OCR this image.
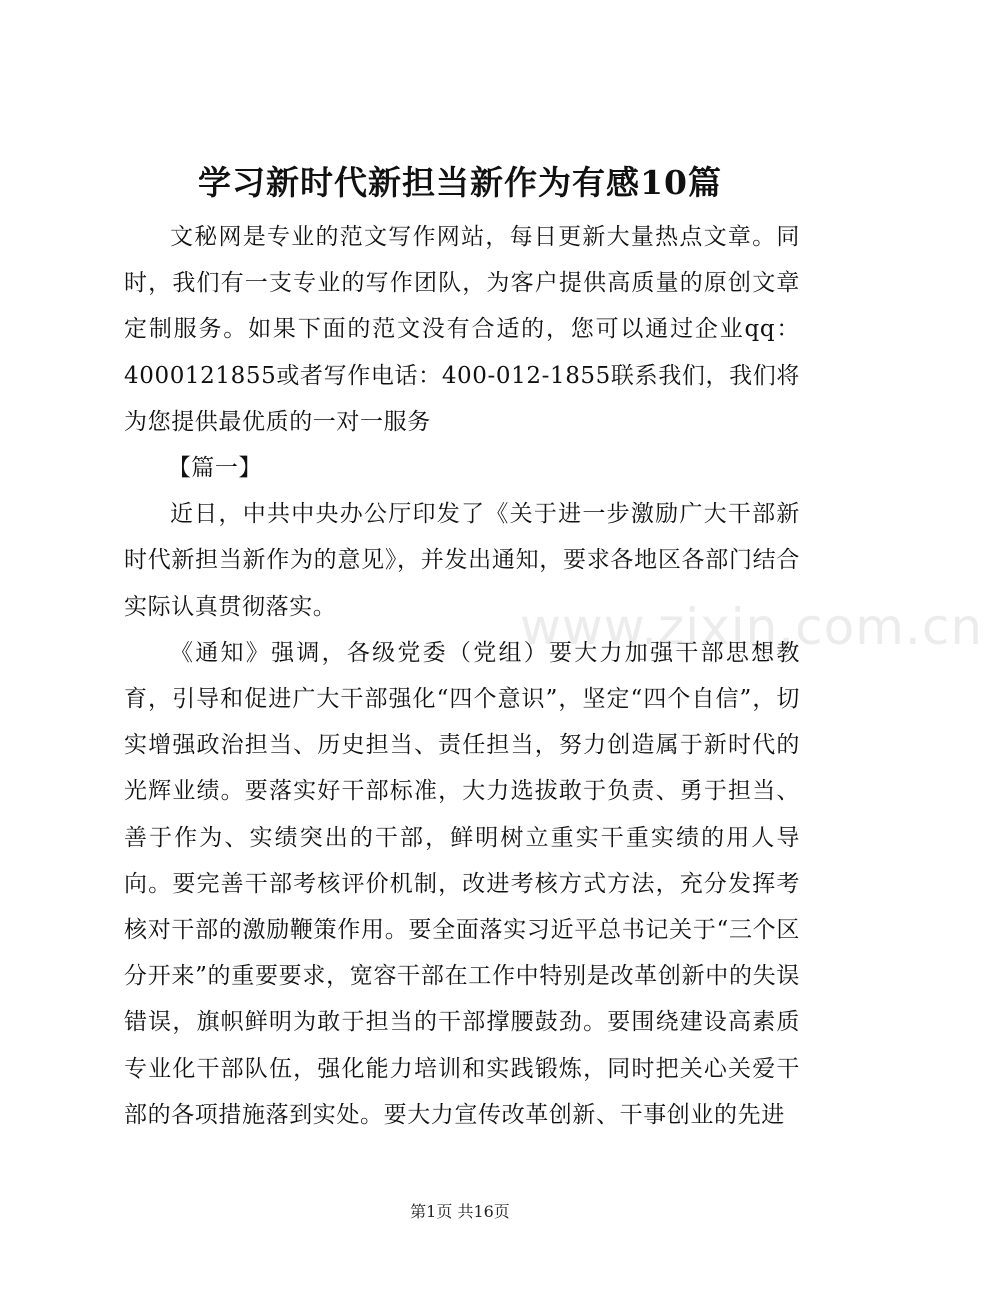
学习新时代新担当新作为有感10篇

文秘网是专业的范文写作网站，每日更新大量热点文章。同时，我们有一支专业的写作团队，为客户提供高质量的原创文章定制服务。如果下面的范文没有合适的，您可以通过企业qq：4000121855或者写作电话：400-012-1855联系我们，我们将为您提供最优质的一对一服务

【篇一】

近日，中共中央办公厅印发了《关于进一步激励广大干部新时代新担当新作为的意见》，并发出通知，要求各地区各部门结合实际认真贯彻落实。

《通知》强调，各级党委（党组）要大力加强干部思想教育，引导和促进广大干部强化“四个意识”，坚定“四个自信”，切实增强政治担当、历史担当、责任担当，努力创造属于新时代的光辉业绩。要落实好干部标准，大力选拔敢于负责、勇于担当、善于作为、实绩突出的干部，鲜明树立重实干重实绩的用人导向。要完善干部考核评价机制，改进考核方式方法，充分发挥考核对干部的激励鞭策作用。要全面落实习近平总书记关于“三个区分开来”的重要要求，宽容干部在工作中特别是改革创新中的失误错误，旗帜鲜明为敢于担当的干部撑腰鼓劲。要围绕建设高素质专业化干部队伍，强化能力培训和实践锻炼，同时把关心关爱干部的各项措施落到实处。要大力宣传改革创新、干事创业的先进

www.zixin.com.cn
第1页 共16页
